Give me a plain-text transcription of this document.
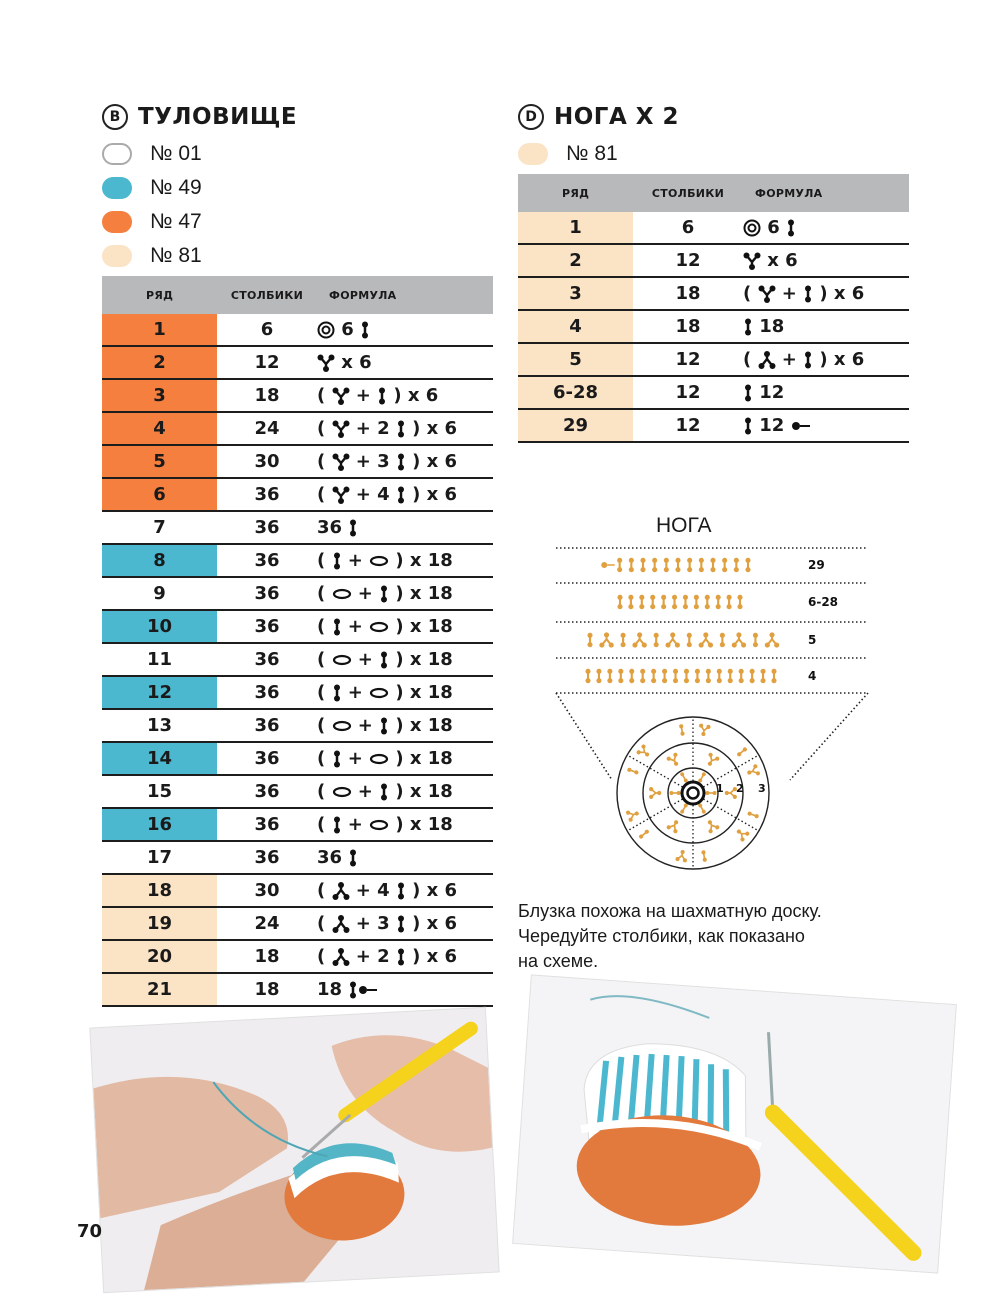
B ТУЛОВИЩЕ
№ 01
№ 49
№ 47
№ 81
РЯД	СТОЛБИКИ	ФОРМУЛА
1	6	6
2	12	x 6
3	18	(  +  ) x 6
4	24	(  + 2  ) x 6
5	30	(  + 3  ) x 6
6	36	(  + 4  ) x 6
7	36	36
8	36	(  +  ) x 18
9	36	(  +  ) x 18
10	36	(  +  ) x 18
11	36	(  +  ) x 18
12	36	(  +  ) x 18
13	36	(  +  ) x 18
14	36	(  +  ) x 18
15	36	(  +  ) x 18
16	36	(  +  ) x 18
17	36	36
18	30	(  + 4  ) x 6
19	24	(  + 3  ) x 6
20	18	(  + 2  ) x 6
21	18	18
D НОГА X 2
№ 81
РЯД	СТОЛБИКИ	ФОРМУЛА
1	6	6
2	12	x 6
3	18	(  +  ) x 6
4	18	18
5	12	(  +  ) x 6
6-28	12	12
29	12	12
НОГА
29
6-28
5
4
1 2 3
Блузка похожа на шахматную доску.
Чередуйте столбики, как показано
на схеме.
70
